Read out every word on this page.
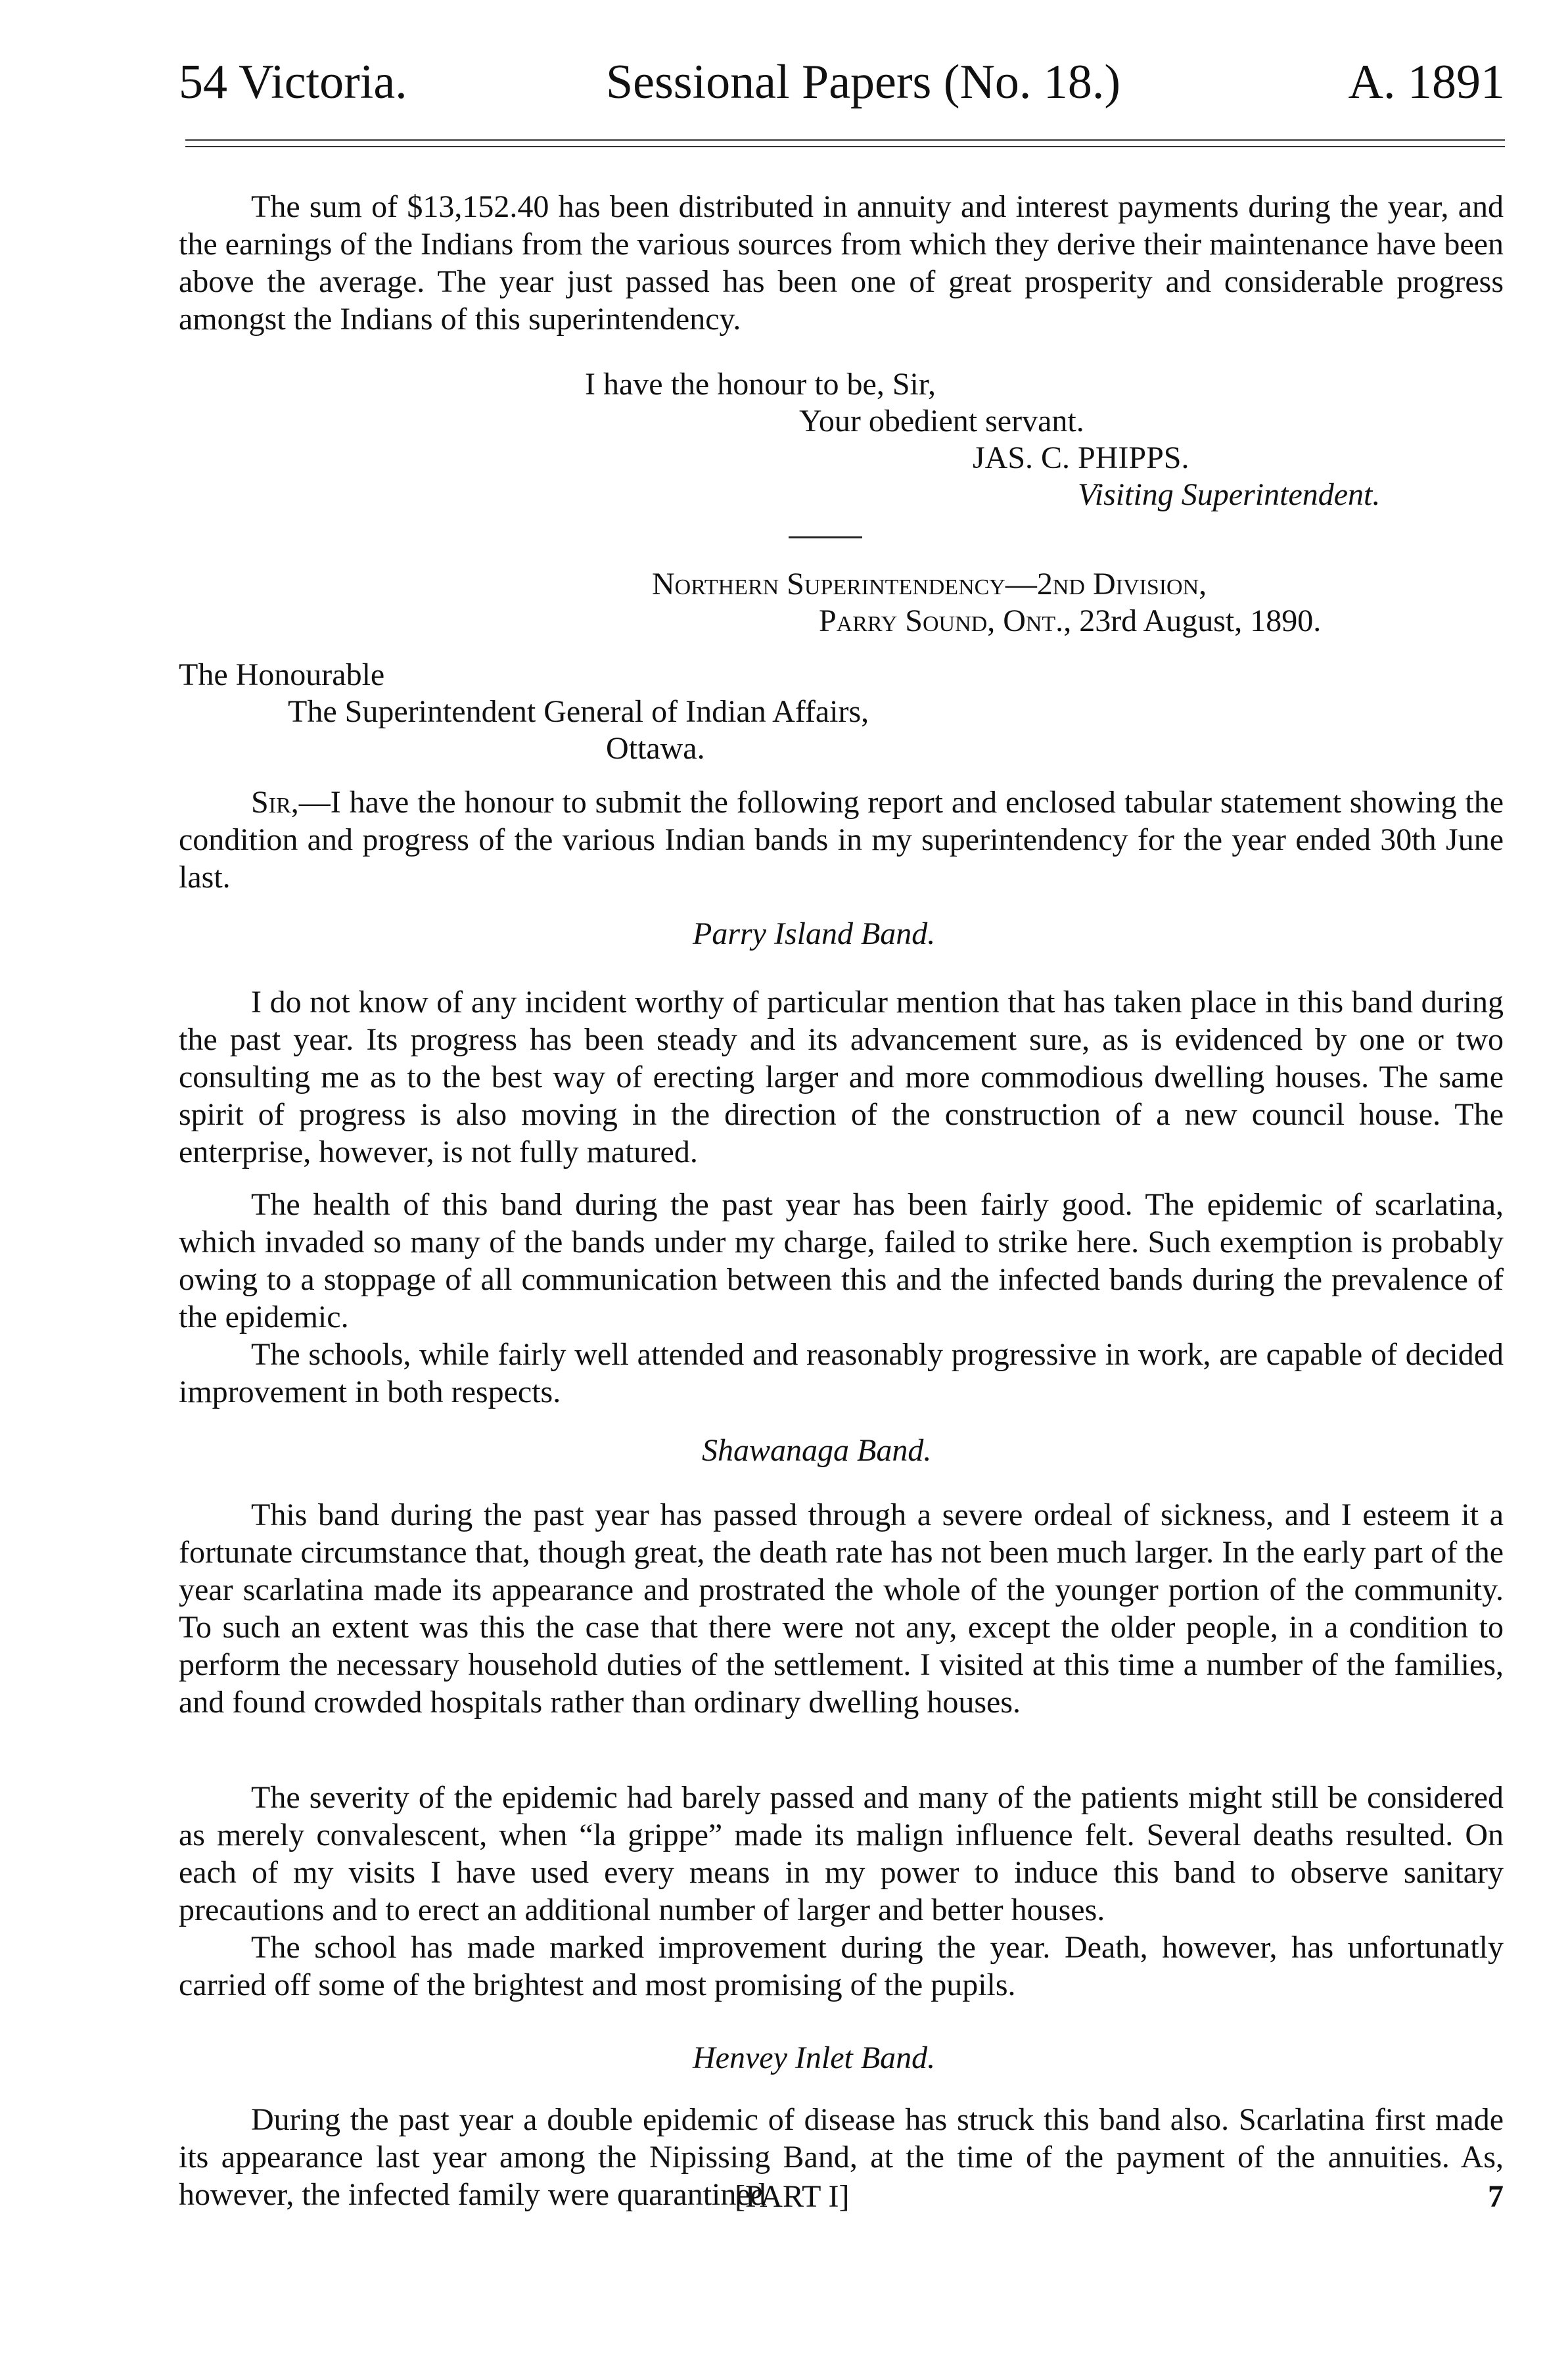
54 Victoria.	Sessional Papers (No. 18.)	A. 1891

The sum of $13,152.40 has been distributed in annuity and interest payments during the year, and the earnings of the Indians from the various sources from which they derive their maintenance have been above the average. The year just passed has been one of great prosperity and considerable progress amongst the Indians of this superintendency.

I have the honour to be, Sir,
Your obedient servant.
JAS. C. PHIPPS.
Visiting Superintendent.
Northern Superintendency—2nd Division,
Parry Sound, Ont., 23rd August, 1890.
The Honourable
The Superintendent General of Indian Affairs,
Ottawa.

Sir,—I have the honour to submit the following report and enclosed tabular statement showing the condition and progress of the various Indian bands in my superintendency for the year ended 30th June last.

Parry Island Band.

I do not know of any incident worthy of particular mention that has taken place in this band during the past year. Its progress has been steady and its advancement sure, as is evidenced by one or two consulting me as to the best way of erecting larger and more commodious dwelling houses. The same spirit of progress is also moving in the direction of the construction of a new council house. The enterprise, however, is not fully matured.

The health of this band during the past year has been fairly good. The epidemic of scarlatina, which invaded so many of the bands under my charge, failed to strike here. Such exemption is probably owing to a stoppage of all communication between this and the infected bands during the prevalence of the epidemic.

The schools, while fairly well attended and reasonably progressive in work, are capable of decided improvement in both respects.

Shawanaga Band.

This band during the past year has passed through a severe ordeal of sickness, and I esteem it a fortunate circumstance that, though great, the death rate has not been much larger. In the early part of the year scarlatina made its appearance and prostrated the whole of the younger portion of the community. To such an extent was this the case that there were not any, except the older people, in a condition to perform the necessary household duties of the settlement. I visited at this time a number of the families, and found crowded hospitals rather than ordinary dwelling houses.

The severity of the epidemic had barely passed and many of the patients might still be considered as merely convalescent, when “la grippe” made its malign influence felt. Several deaths resulted. On each of my visits I have used every means in my power to induce this band to observe sanitary precautions and to erect an additional number of larger and better houses.

The school has made marked improvement during the year. Death, however, has unfortunatly carried off some of the brightest and most promising of the pupils.

Henvey Inlet Band.

During the past year a double epidemic of disease has struck this band also. Scarlatina first made its appearance last year among the Nipissing Band, at the time of the payment of the annuities. As, however, the infected family were quarantined

[PART I]	7
